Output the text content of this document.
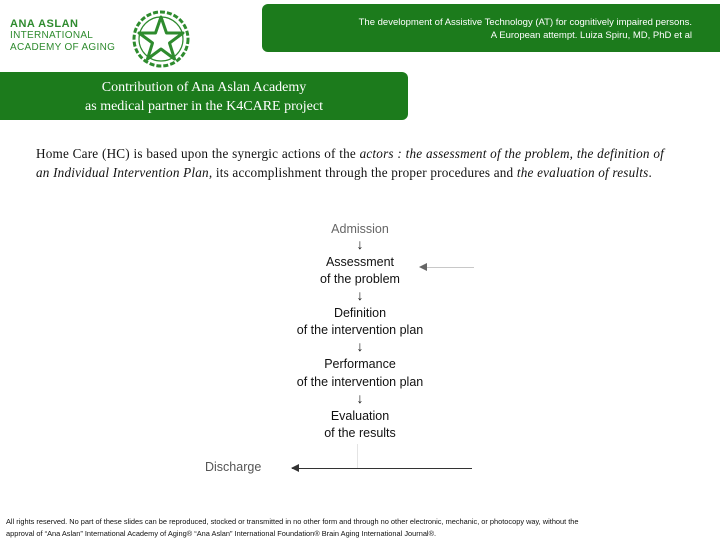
ANA ASLAN
INTERNATIONAL
ACADEMY OF AGING
The development of Assistive Technology (AT) for cognitively impaired persons.
A European attempt. Luiza Spiru, MD, PhD et al
Contribution of Ana Aslan Academy
as medical partner in the K4CARE project

Home Care (HC) is based upon the synergic actions of the actors : the assessment of the problem, the definition of an Individual Intervention Plan, its accomplishment through the proper procedures and the evaluation of results.

Admission
↓
Assessment
of the problem
↓
Definition
of the intervention plan
↓
Performance
of the intervention plan
↓
Evaluation
of the results
Discharge
All rights reserved. No part of these slides can be reproduced, stocked or transmitted in no other form and through no other electronic, mechanic, or photocopy way, without the
approval of “Ana Aslan” International Academy of Aging® “Ana Aslan” International Foundation® Brain Aging International Journal®.
